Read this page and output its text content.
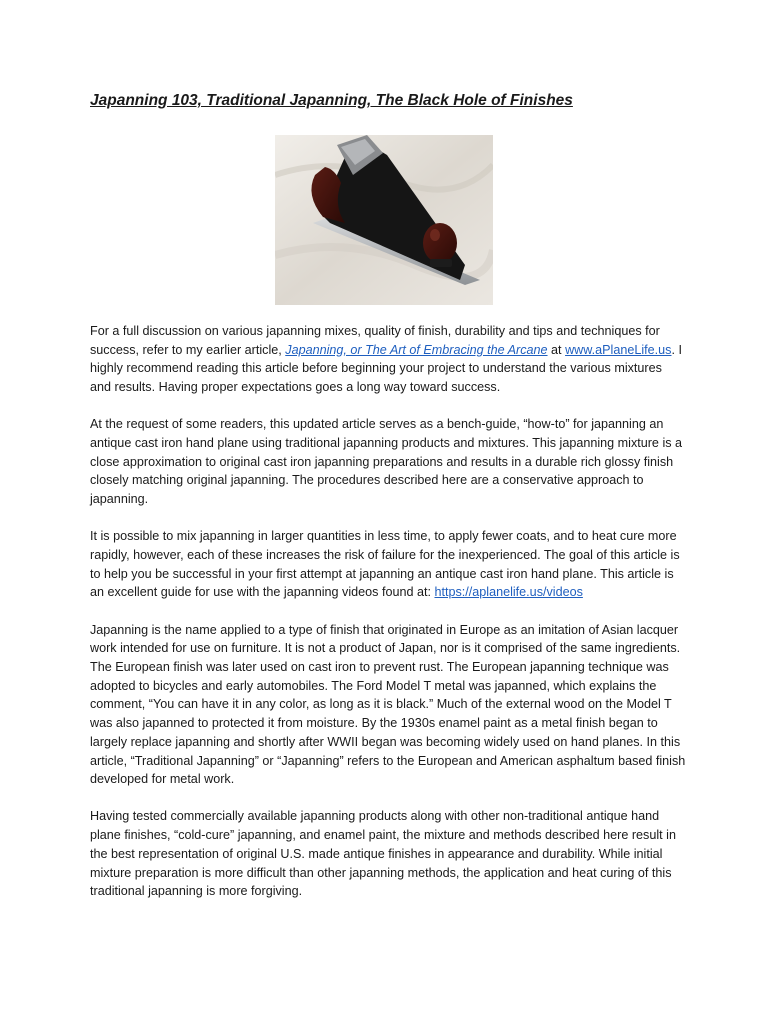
Japanning 103, Traditional Japanning, The Black Hole of Finishes

For a full discussion on various japanning mixes, quality of finish, durability and tips and techniques for success, refer to my earlier article, Japanning, or The Art of Embracing the Arcane at www.aPlaneLife.us. I highly recommend reading this article before beginning your project to understand the various mixtures and results. Having proper expectations goes a long way toward success.

At the request of some readers, this updated article serves as a bench-guide, “how-to” for japanning an antique cast iron hand plane using traditional japanning products and mixtures. This japanning mixture is a close approximation to original cast iron japanning preparations and results in a durable rich glossy finish closely matching original japanning. The procedures described here are a conservative approach to japanning.

It is possible to mix japanning in larger quantities in less time, to apply fewer coats, and to heat cure more rapidly, however, each of these increases the risk of failure for the inexperienced. The goal of this article is to help you be successful in your first attempt at japanning an antique cast iron hand plane. This article is an excellent guide for use with the japanning videos found at: https://aplanelife.us/videos

Japanning is the name applied to a type of finish that originated in Europe as an imitation of Asian lacquer work intended for use on furniture. It is not a product of Japan, nor is it comprised of the same ingredients. The European finish was later used on cast iron to prevent rust. The European japanning technique was adopted to bicycles and early automobiles. The Ford Model T metal was japanned, which explains the comment, “You can have it in any color, as long as it is black.” Much of the external wood on the Model T was also japanned to protected it from moisture. By the 1930s enamel paint as a metal finish began to largely replace japanning and shortly after WWII began was becoming widely used on hand planes. In this article, “Traditional Japanning” or “Japanning” refers to the European and American asphaltum based finish developed for metal work.

Having tested commercially available japanning products along with other non-traditional antique hand plane finishes, “cold-cure” japanning, and enamel paint, the mixture and methods described here result in the best representation of original U.S. made antique finishes in appearance and durability. While initial mixture preparation is more difficult than other japanning methods, the application and heat curing of this traditional japanning is more forgiving.
